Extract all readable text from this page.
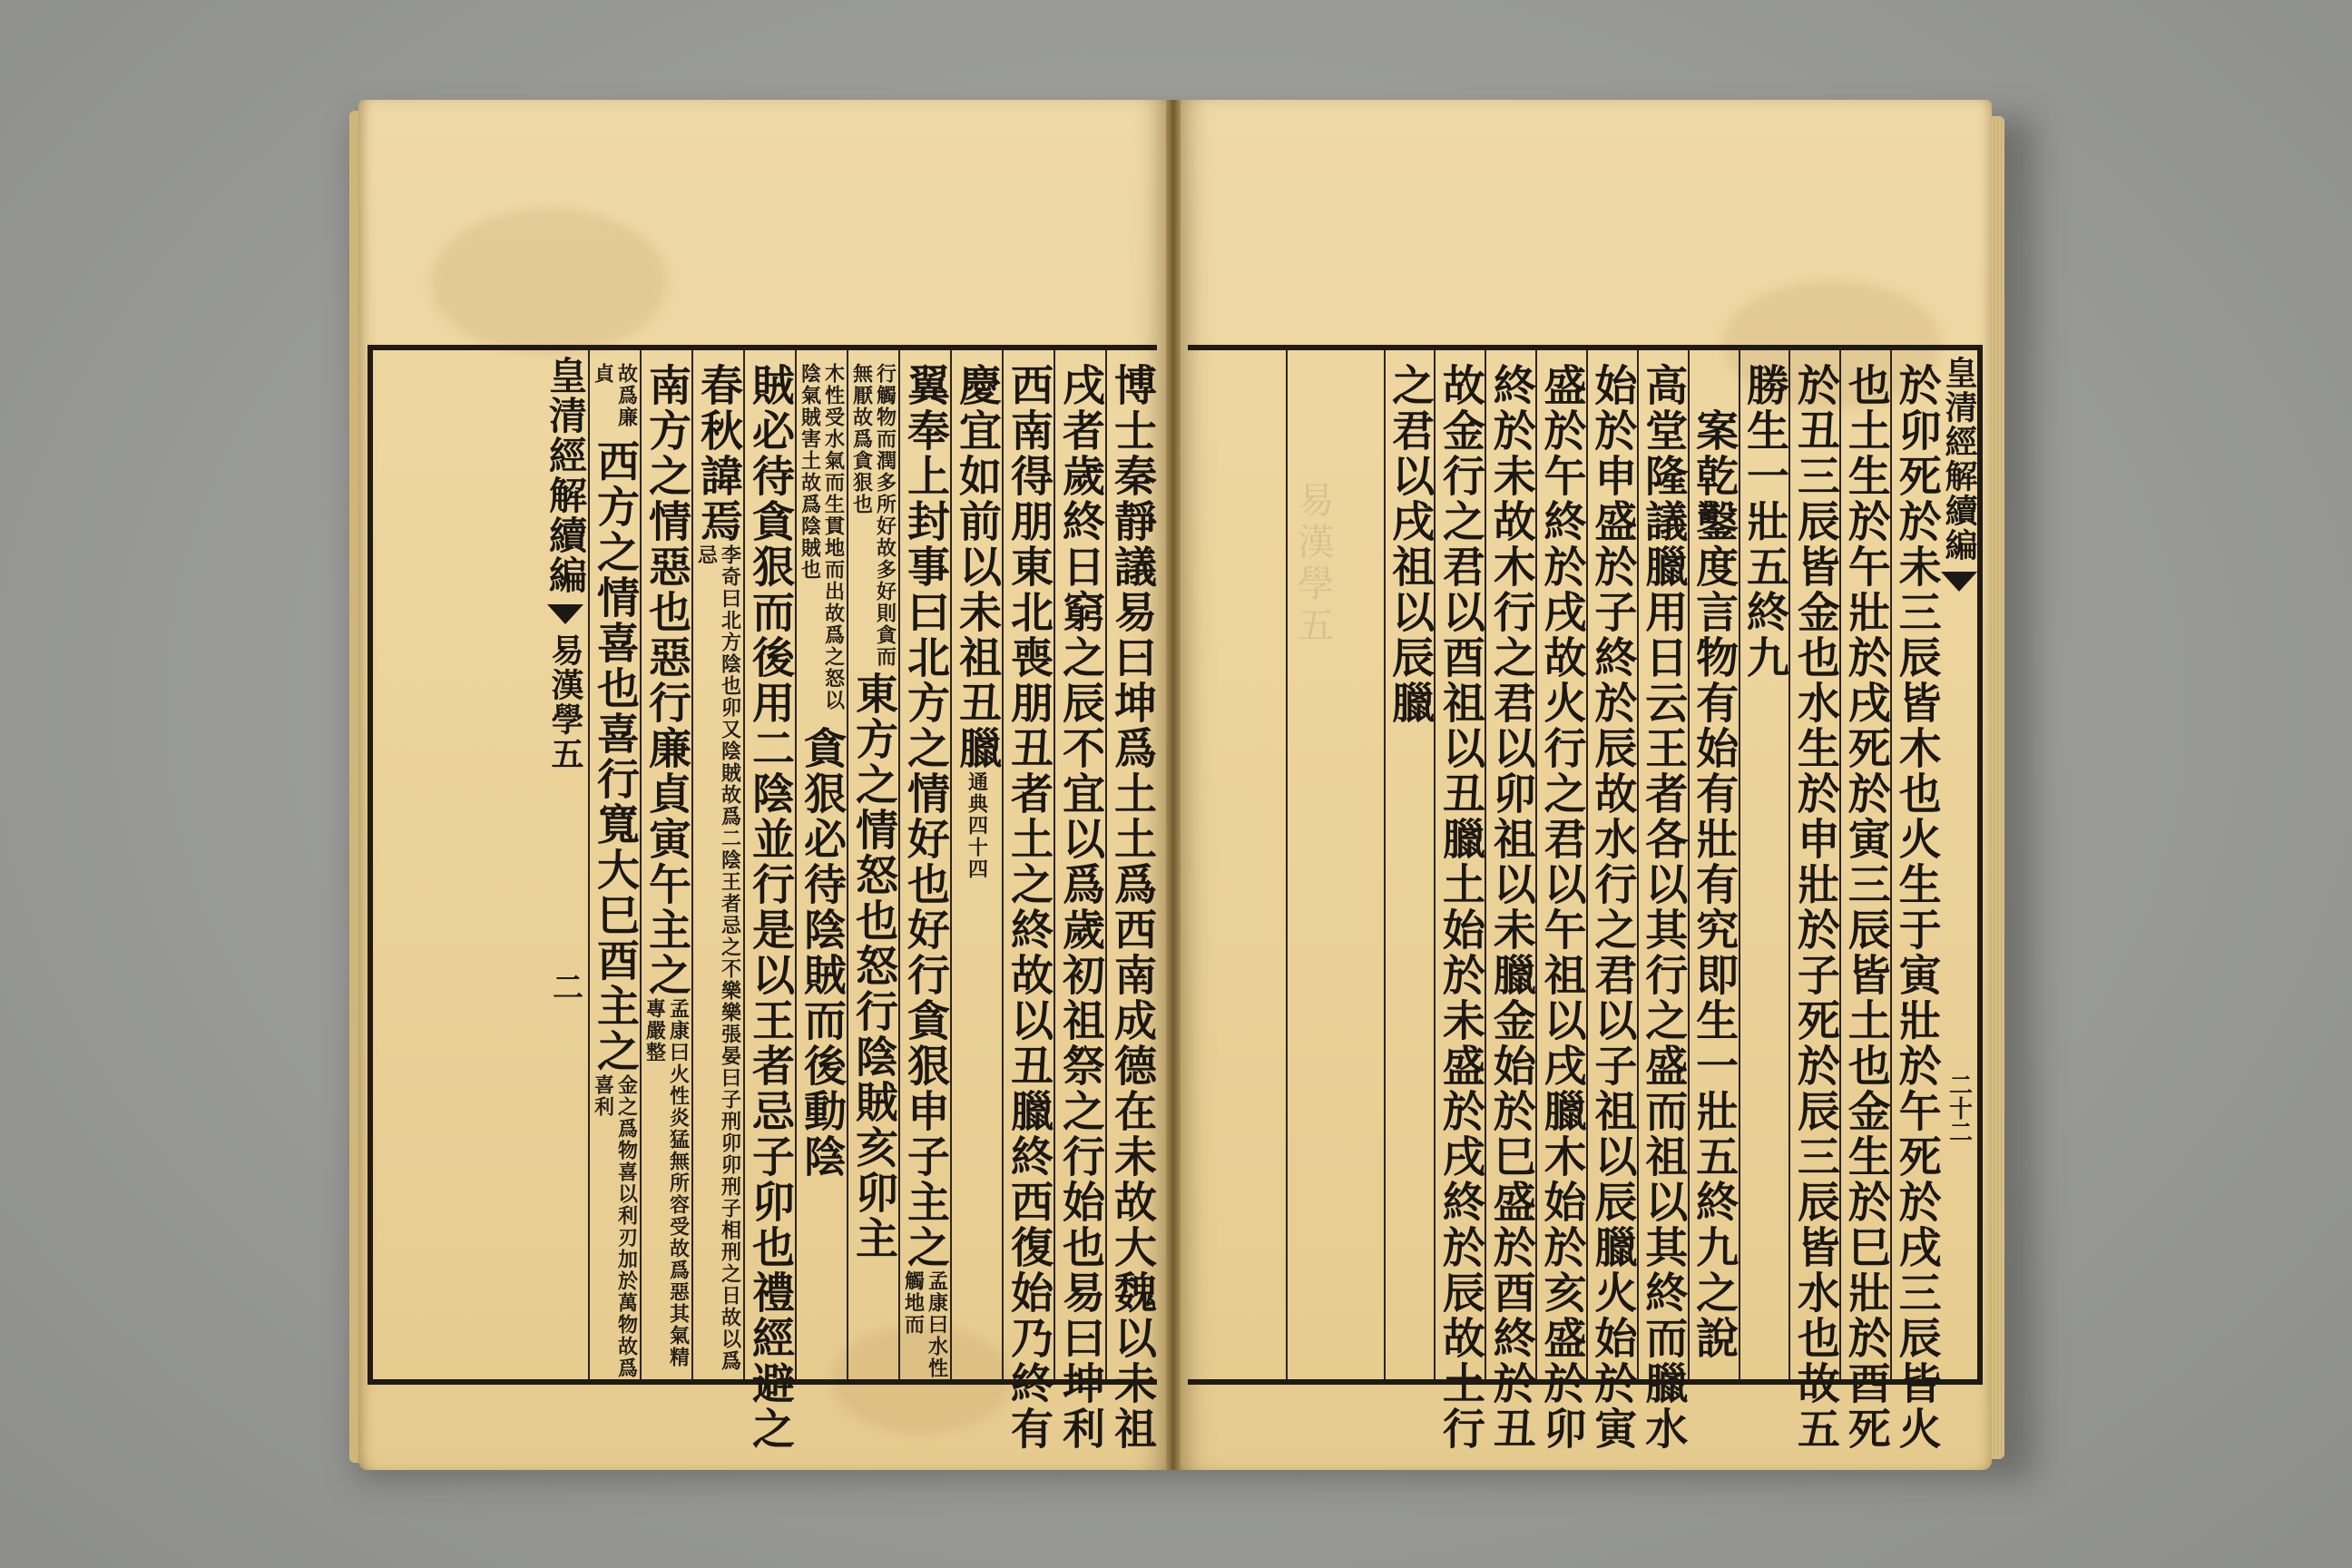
易漢學五　　　　　　　　

博士秦靜議易曰坤爲土土爲西南成德在未故大魏以未祖
戌者歲終日窮之辰不宜以爲歲初祖祭之行始也易曰坤利
西南得朋東北喪朋丑者土之終故以丑臘終西復始乃終有
慶宜如前以未祖丑臘
通典四十四
翼奉上封事曰北方之情好也好行貪狠申子主之
孟康曰水性觸地而
行觸物而潤多所好故多好則貪而無厭故爲貪狠也
東方之情怒也怒行陰賊亥卯主
木性受水氣而生貫地而出故爲之怒以陰氣賊害土故爲陰賊也
貪狠必待陰賊而後動陰
賊必待貪狠而後用二陰並行是以王者忌子卯也禮經避之
春秋諱焉
李奇曰北方陰也卯又陰賊故爲二陰王者忌之不樂樂張晏曰子刑卯卯刑子相刑之日故以爲忌
南方之情惡也惡行廉貞寅午主之
孟康曰火性炎猛無所容受故爲惡其氣精專嚴整
故爲廉貞
西方之情喜也喜行寬大巳酉主之
金之爲物喜以利刃加於萬物故爲喜利
皇清經解續編
易漢學五
二
皇清經解續編
二十二
於卯死於未三辰皆木也火生于寅壯於午死於戌三辰皆火
也土生於午壯於戌死於寅三辰皆土也金生於巳壯於酉死
於丑三辰皆金也水生於申壯於子死於辰三辰皆水也故五
勝生一壯五終九
　案乾鑿度言物有始有壯有究即生一壯五終九之說
高堂隆議臘用日云王者各以其行之盛而祖以其終而臘水
始於申盛於子終於辰故水行之君以子祖以辰臘火始於寅
盛於午終於戌故火行之君以午祖以戌臘木始於亥盛於卯
終於未故木行之君以卯祖以未臘金始於巳盛於酉終於丑
故金行之君以酉祖以丑臘土始於未盛於戌終於辰故土行
之君以戌祖以辰臘
